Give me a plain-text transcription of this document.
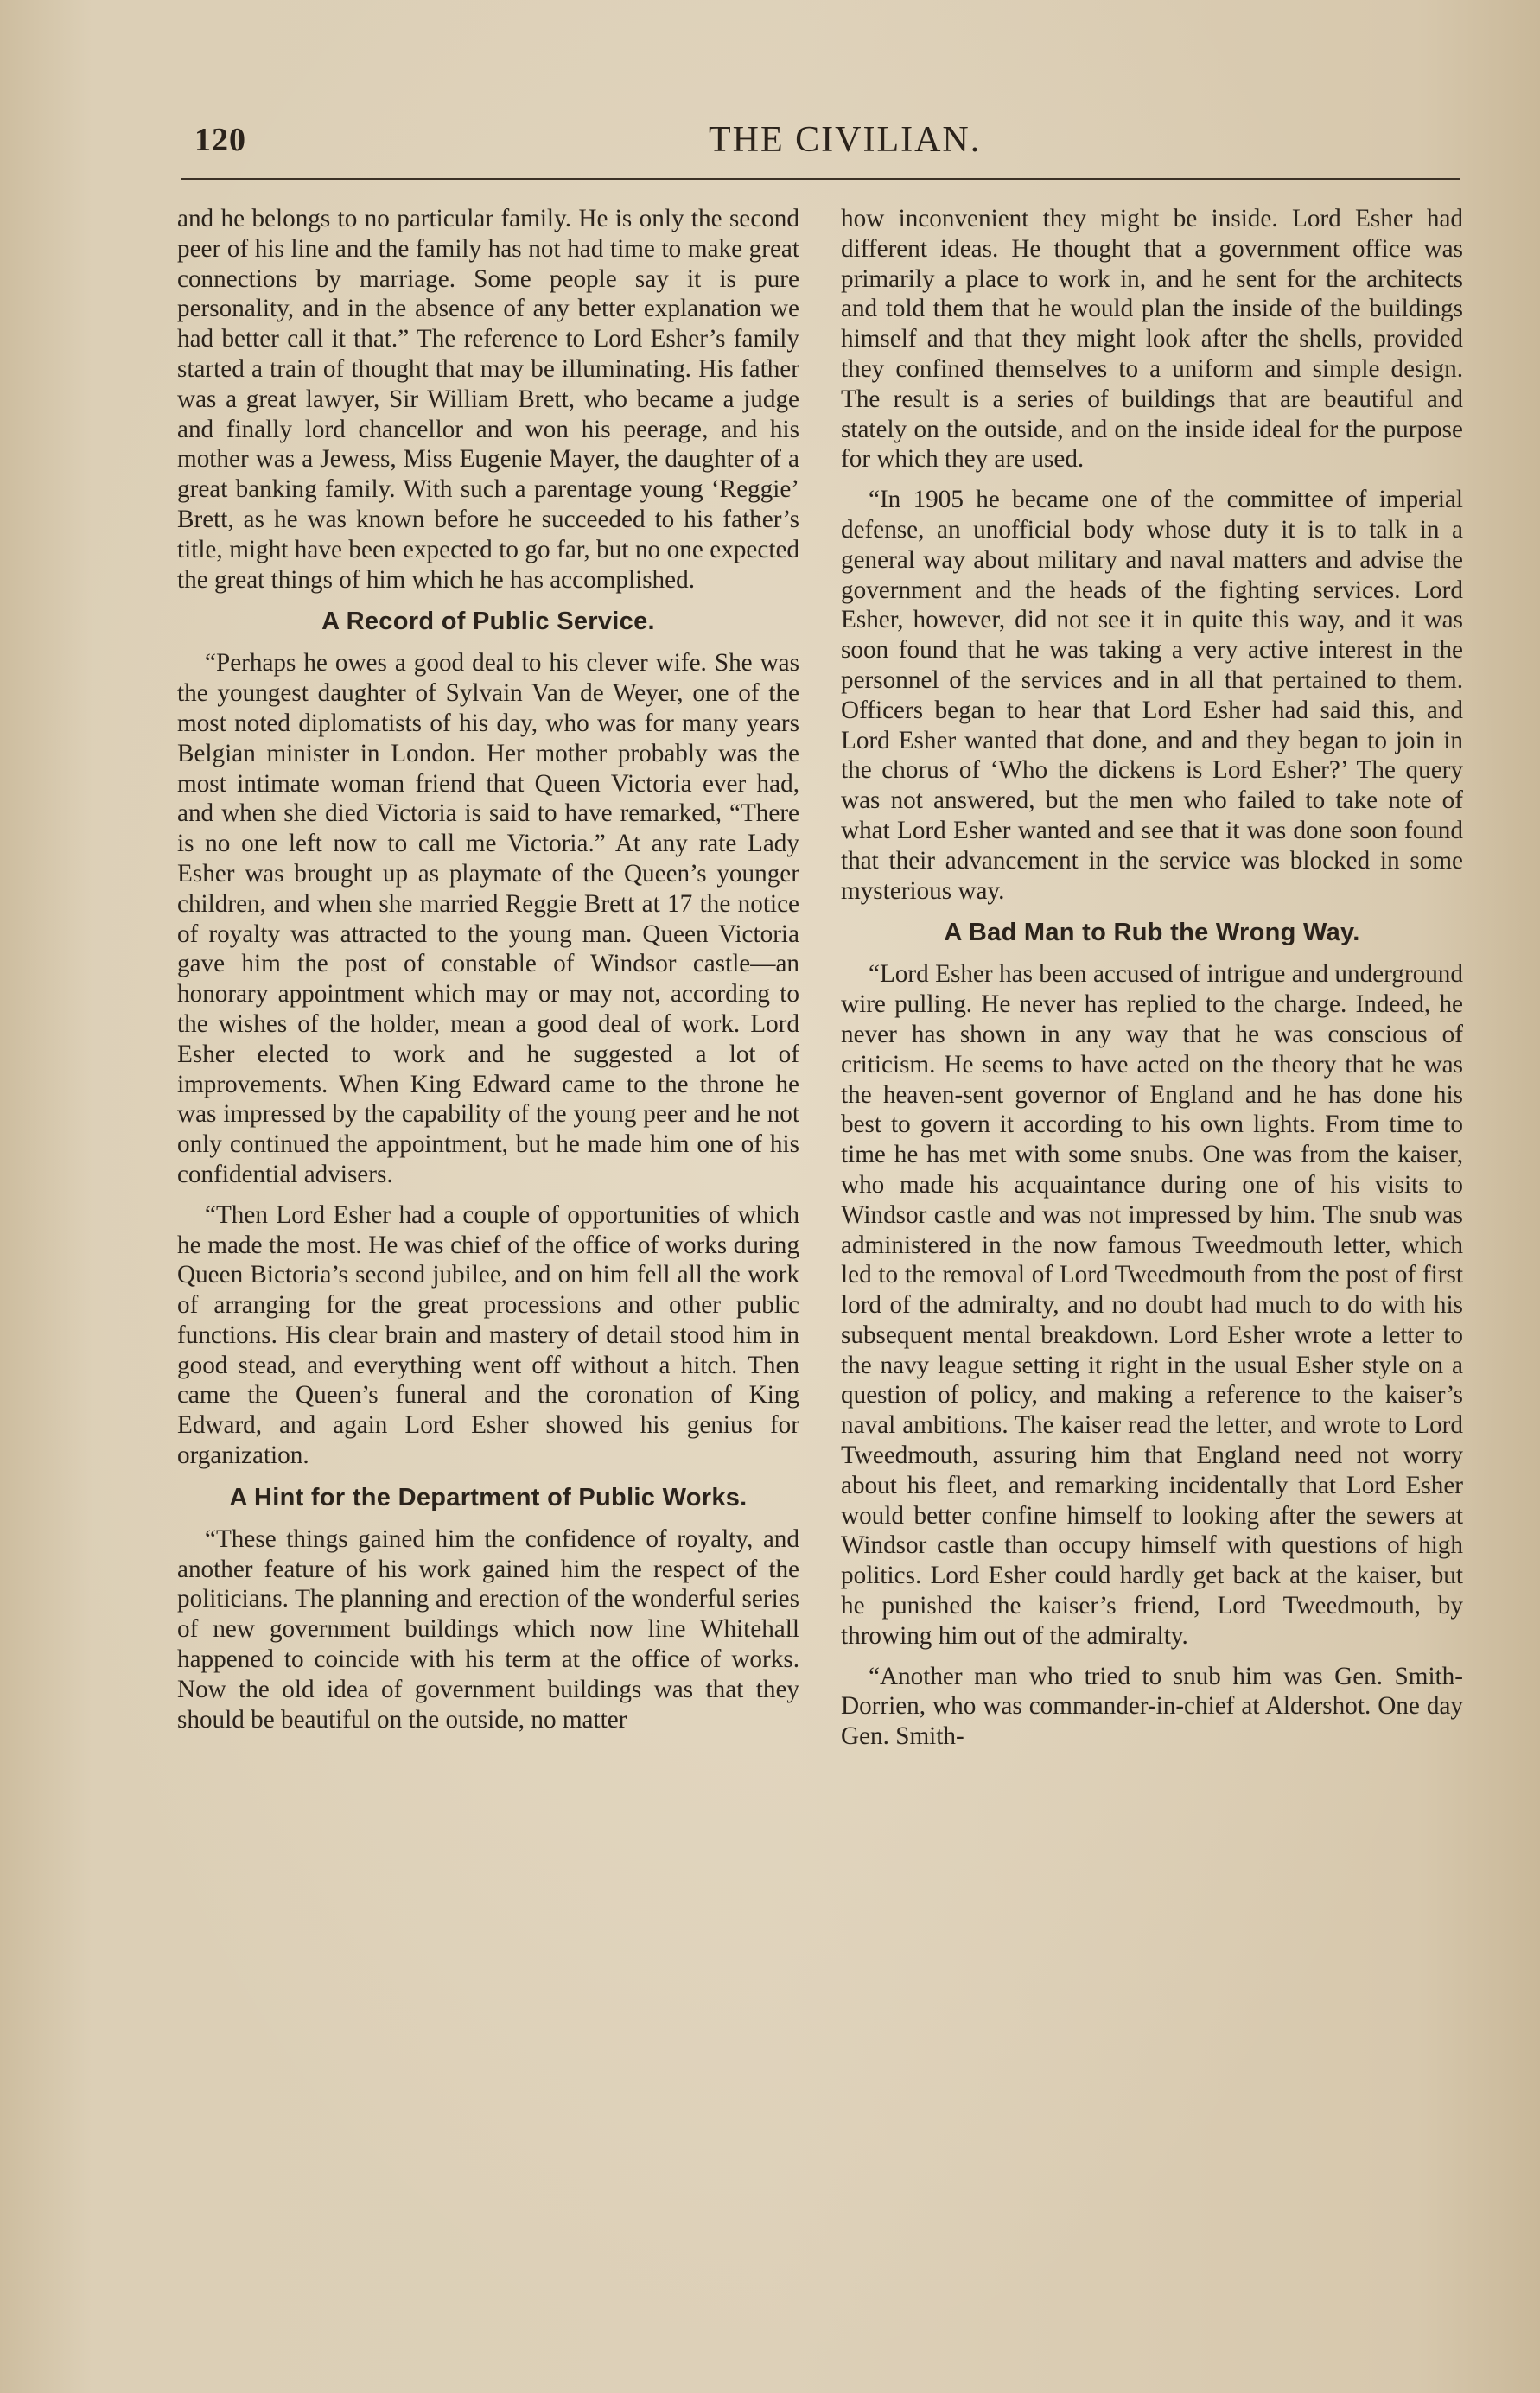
120	THE CIVILIAN.

and he belongs to no particular family. He is only the second peer of his line and the family has not had time to make great connections by marriage. Some people say it is pure personality, and in the absence of any better explanation we had better call it that.” The reference to Lord Esher’s family started a train of thought that may be illuminating. His father was a great lawyer, Sir William Brett, who became a judge and finally lord chancellor and won his peerage, and his mother was a Jewess, Miss Eugenie Mayer, the daughter of a great banking family. With such a parentage young ‘Reggie’ Brett, as he was known before he succeeded to his father’s title, might have been expected to go far, but no one expected the great things of him which he has accomplished.

A Record of Public Service.

“Perhaps he owes a good deal to his clever wife. She was the youngest daughter of Sylvain Van de Weyer, one of the most noted diplomatists of his day, who was for many years Belgian minister in London. Her mother probably was the most intimate woman friend that Queen Victoria ever had, and when she died Victoria is said to have remarked, “There is no one left now to call me Victoria.” At any rate Lady Esher was brought up as playmate of the Queen’s younger children, and when she married Reggie Brett at 17 the notice of royalty was attracted to the young man. Queen Victoria gave him the post of constable of Windsor castle—an honorary appointment which may or may not, according to the wishes of the holder, mean a good deal of work. Lord Esher elected to work and he suggested a lot of improvements. When King Edward came to the throne he was impressed by the capability of the young peer and he not only continued the appointment, but he made him one of his confidential advisers.

“Then Lord Esher had a couple of opportunities of which he made the most. He was chief of the office of works during Queen Bictoria’s second jubilee, and on him fell all the work of arranging for the great processions and other public functions. His clear brain and mastery of detail stood him in good stead, and everything went off without a hitch. Then came the Queen’s funeral and the coronation of King Edward, and again Lord Esher showed his genius for organization.

A Hint for the Department of Public Works.

“These things gained him the confidence of royalty, and another feature of his work gained him the respect of the politicians. The planning and erection of the wonderful series of new government buildings which now line Whitehall happened to coincide with his term at the office of works. Now the old idea of government buildings was that they should be beautiful on the outside, no matter

how inconvenient they might be inside. Lord Esher had different ideas. He thought that a government office was primarily a place to work in, and he sent for the architects and told them that he would plan the inside of the buildings himself and that they might look after the shells, provided they confined themselves to a uniform and simple design. The result is a series of buildings that are beautiful and stately on the outside, and on the inside ideal for the purpose for which they are used.

“In 1905 he became one of the committee of imperial defense, an unofficial body whose duty it is to talk in a general way about military and naval matters and advise the government and the heads of the fighting services. Lord Esher, however, did not see it in quite this way, and it was soon found that he was taking a very active interest in the personnel of the services and in all that pertained to them. Officers began to hear that Lord Esher had said this, and Lord Esher wanted that done, and and they began to join in the chorus of ‘Who the dickens is Lord Esher?’ The query was not answered, but the men who failed to take note of what Lord Esher wanted and see that it was done soon found that their advancement in the service was blocked in some mysterious way.

A Bad Man to Rub the Wrong Way.

“Lord Esher has been accused of intrigue and underground wire pulling. He never has replied to the charge. Indeed, he never has shown in any way that he was conscious of criticism. He seems to have acted on the theory that he was the heaven-sent governor of England and he has done his best to govern it according to his own lights. From time to time he has met with some snubs. One was from the kaiser, who made his acquaintance during one of his visits to Windsor castle and was not impressed by him. The snub was administered in the now famous Tweedmouth letter, which led to the removal of Lord Tweedmouth from the post of first lord of the admiralty, and no doubt had much to do with his subsequent mental breakdown. Lord Esher wrote a letter to the navy league setting it right in the usual Esher style on a question of policy, and making a reference to the kaiser’s naval ambitions. The kaiser read the letter, and wrote to Lord Tweedmouth, assuring him that England need not worry about his fleet, and remarking incidentally that Lord Esher would better confine himself to looking after the sewers at Windsor castle than occupy himself with questions of high politics. Lord Esher could hardly get back at the kaiser, but he punished the kaiser’s friend, Lord Tweedmouth, by throwing him out of the admiralty.

“Another man who tried to snub him was Gen. Smith-Dorrien, who was commander-in-chief at Aldershot. One day Gen. Smith-
